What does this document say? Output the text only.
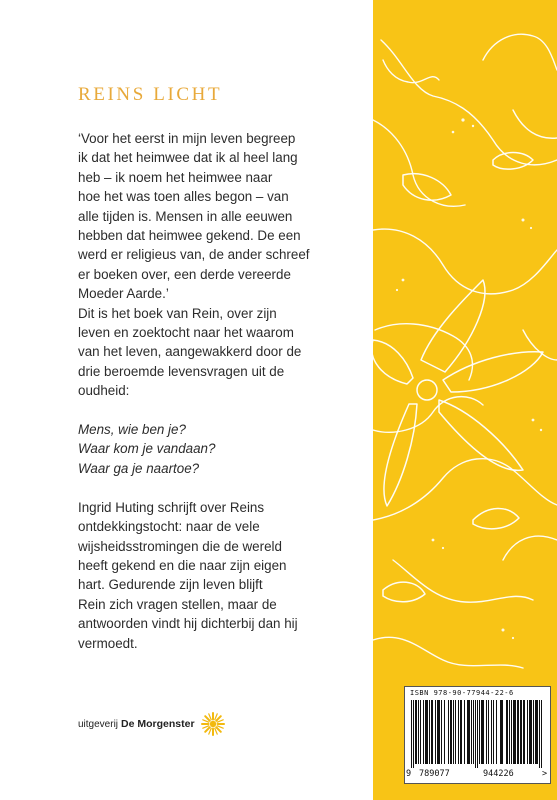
REINS LICHT

‘Voor het eerst in mijn leven begreep
ik dat het heimwee dat ik al heel lang
heb – ik noem het heimwee naar
hoe het was toen alles begon – van
alle tijden is. Mensen in alle eeuwen
hebben dat heimwee gekend. De een
werd er religieus van, de ander schreef
er boeken over, een derde vereerde
Moeder Aarde.’

Dit is het boek van Rein, over zijn
leven en zoektocht naar het waarom
van het leven, aangewakkerd door de
drie beroemde levensvragen uit de
oudheid:

Mens, wie ben je?
Waar kom je vandaan?
Waar ga je naartoe?

Ingrid Huting schrijft over Reins
ontdekkingstocht: naar de vele
wijsheidsstromingen die de wereld
heeft gekend en die naar zijn eigen
hart. Gedurende zijn leven blijft
Rein zich vragen stellen, maar de
antwoorden vindt hij dichterbij dan hij
vermoedt.

uitgeverij De Morgenster
ISBN 978-90-77944-22-6
9 789077	944226	>
